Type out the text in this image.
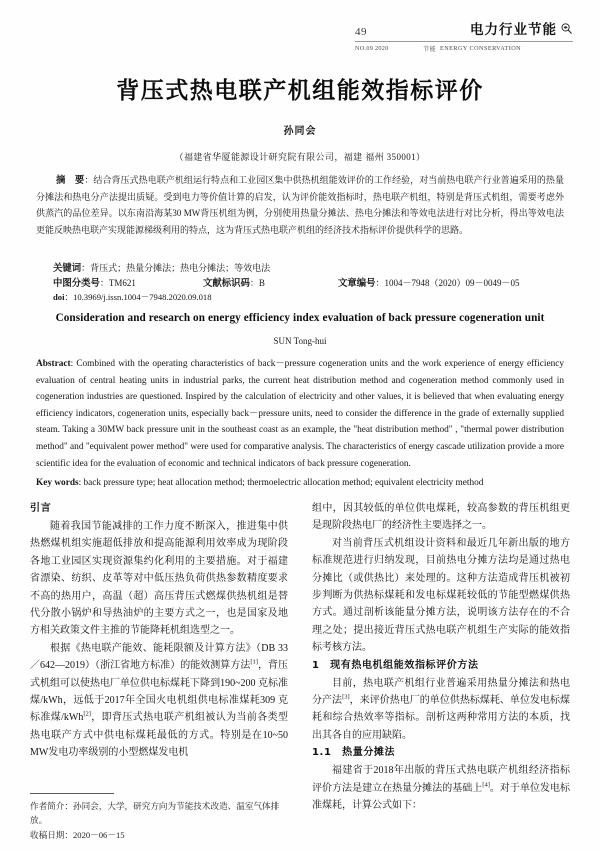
49	电力行业节能
NO.09 2020	节能 ENERGY CONSERVATION
背压式热电联产机组能效指标评价
孙同会
（福建省华厦能源设计研究院有限公司，福建 福州 350001）
摘　要：结合背压式热电联产机组运行特点和工业园区集中供热机组能效评价的工作经验，对当前热电联产行业普遍采用的热量分摊法和热电分产法提出质疑。受到电力等价值计算的启发，认为评价能效指标时，热电联产机组，特别是背压式机组，需要考虑外供蒸汽的品位差异。以东南沿海某30 MW背压机组为例，分别使用热量分摊法、热电分摊法和等效电法进行对比分析，得出等效电法更能反映热电联产实现能源梯级利用的特点，这为背压式热电联产机组的经济技术指标评价提供科学的思路。
关键词：背压式；热量分摊法；热电分摊法；等效电法
中图分类号：TM621	文献标识码：B	文章编号：1004－7948（2020）09－0049－05
doi：10.3969/j.issn.1004－7948.2020.09.018
Consideration and research on energy efficiency index evaluation of back pressure cogeneration unit
SUN Tong-hui
Abstract: Combined with the operating characteristics of back－pressure cogeneration units and the work experience of energy efficiency evaluation of central heating units in industrial parks, the current heat distribution method and cogeneration method commonly used in cogeneration industries are questioned. Inspired by the calculation of electricity and other values, it is believed that when evaluating energy efficiency indicators, cogeneration units, especially back－pressure units, need to consider the difference in the grade of externally supplied steam. Taking a 30MW back pressure unit in the southeast coast as an example, the "heat distribution method" , "thermal power distribution method" and "equivalent power method" were used for comparative analysis. The characteristics of energy cascade utilization provide a more scientific idea for the evaluation of economic and technical indicators of back pressure cogeneration.
Key words: back pressure type; heat allocation method; thermoelectric allocation method; equivalent electricity method
引言

随着我国节能减排的工作力度不断深入，推进集中供热燃煤机组实施超低排放和提高能源利用效率成为现阶段各地工业园区实现资源集约化利用的主要措施。对于福建省漂染、纺织、皮革等对中低压热负荷供热参数精度要求不高的热用户，高温（超）高压背压式燃煤供热机组是替代分散小锅炉和导热油炉的主要方式之一，也是国家及地方相关政策文件主推的节能降耗机组选型之一。

根据《热电联产能效、能耗限额及计算方法》（DB 33／642—2019）（浙江省地方标准）的能效测算方法[1]，背压式机组可以使热电厂单位供电标煤耗下降到190~200 克标准煤/kWh，远低于2017年全国火电机组供电标准煤耗309 克标准煤/kWh[2]，即背压式热电联产机组被认为当前各类型热电联产方式中供电标煤耗最低的方式。特别是在10~50 MW发电功率级别的小型燃煤发电机

作者简介：孙同会，大学，研究方向为节能技术改造、温室气体排放。

收稿日期：2020－06－15

组中，因其较低的单位供电煤耗，较高参数的背压机组更是现阶段热电厂的经济性主要选择之一。

对当前背压式机组设计资料和最近几年新出版的地方标准规范进行归纳发现，目前热电分摊方法均是通过热电分摊比（或供热比）来处理的。这种方法造成背压机被初步判断为供热标煤耗和发电标煤耗较低的节能型燃煤供热方式。通过剖析该能量分摊方法，说明该方法存在的不合理之处；提出接近背压式热电联产机组生产实际的能效指标考核方法。

1　现有热电机组能效指标评价方法

目前，热电联产机组行业普遍采用热量分摊法和热电分产法[3]，来评价热电厂的单位供热标煤耗、单位发电标煤耗和综合热效率等指标。剖析这两种常用方法的本质，找出其各自的应用缺陷。

1.1　热量分摊法

福建省于2018年出版的背压式热电联产机组经济指标评价方法是建立在热量分摊法的基础上[4]。对于单位发电标准煤耗，计算公式如下：
